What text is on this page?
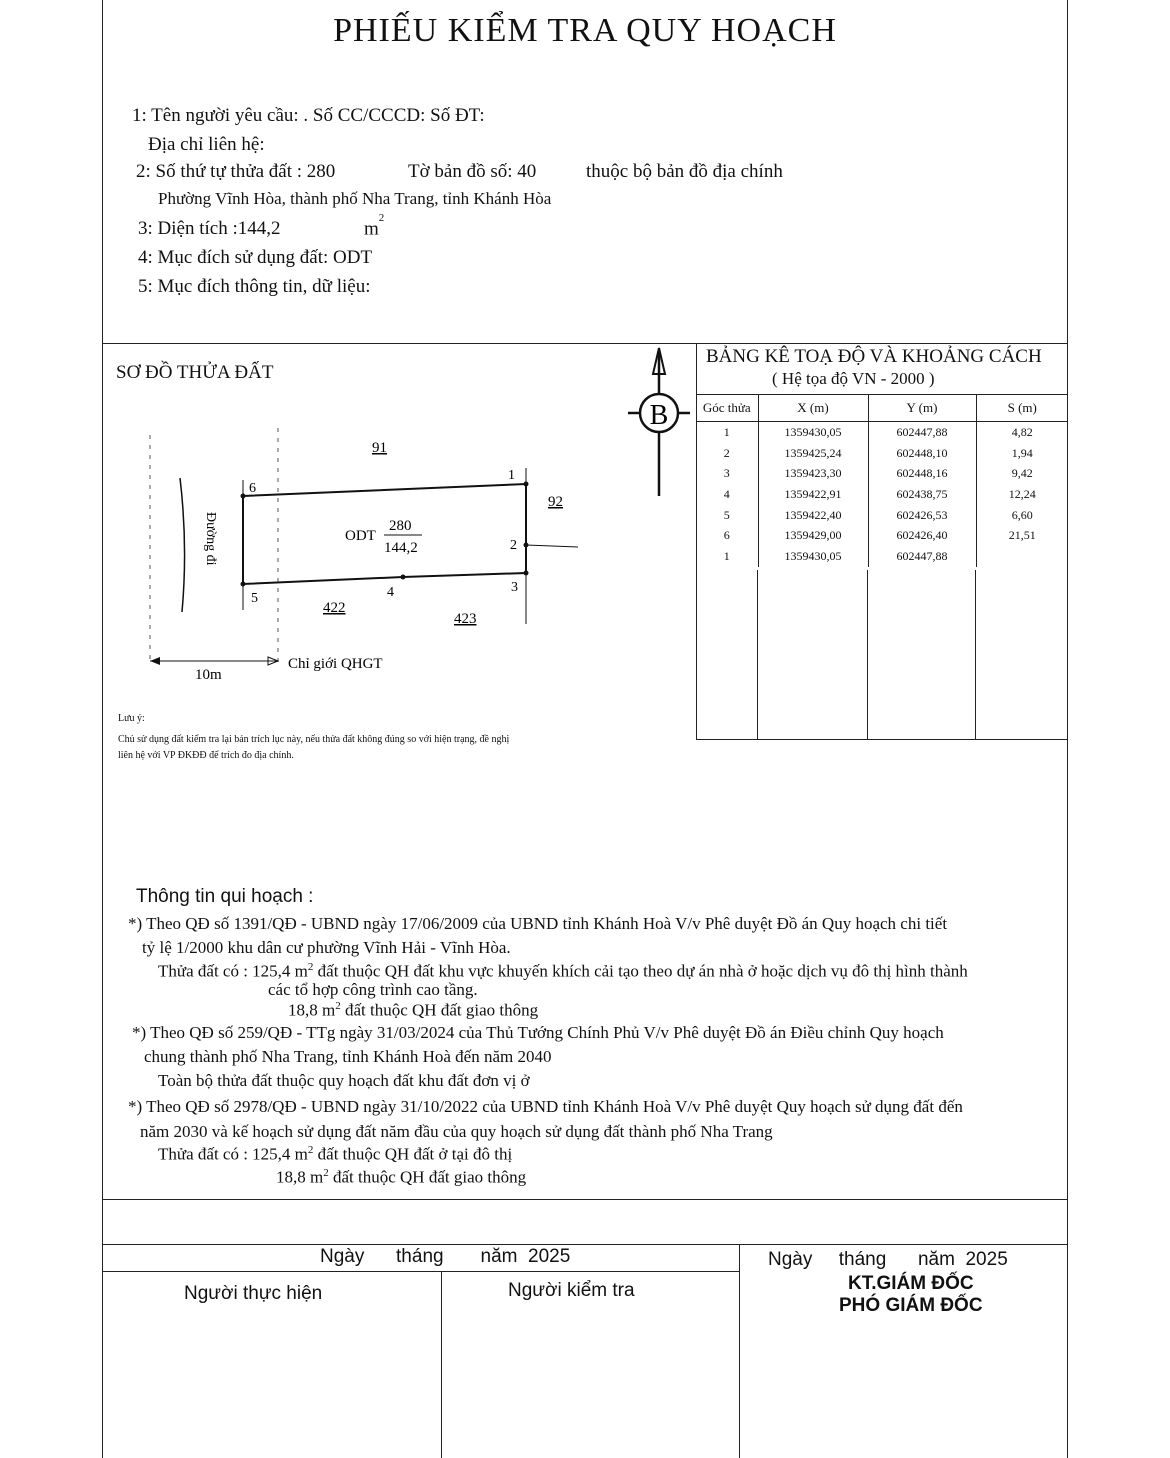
PHIẾU KIỂM TRA QUY HOẠCH
1: Tên người yêu cầu: . Số CC/CCCD: Số ĐT:
Địa chỉ liên hệ:
2: Số thứ tự thửa đất : 280	Tờ bản đồ số: 40	thuộc bộ bản đồ địa chính
Phường Vĩnh Hòa, thành phố Nha Trang, tỉnh Khánh Hòa
3: Diện tích :144,2	$m^2$
4: Mục đích sử dụng đất: ODT
5: Mục đích thông tin, dữ liệu:
SƠ ĐỒ THỬA ĐẤT
B
1
2
3
4
5
6
91
92
422
423
ODT
280
144,2
Đường đi
10m
Chỉ giới QHGT
Lưu ý:
Chủ sử dụng đất kiểm tra lại bản trích lục này, nếu thửa đất không đúng so với hiện trạng, đề nghị
liên hệ với VP ĐKĐĐ để trích đo địa chính.
BẢNG KÊ TOẠ ĐỘ VÀ KHOẢNG CÁCH
( Hệ tọa độ VN - 2000 )
Góc thửa	X (m)	Y (m)	S (m)
1	1359430,05	602447,88	4,82
2	1359425,24	602448,10	1,94
3	1359423,30	602448,16	9,42
4	1359422,91	602438,75	12,24
5	1359422,40	602426,53	6,60
6	1359429,00	602426,40	21,51
1	1359430,05	602447,88	
Thông tin qui hoạch :
*) Theo QĐ số 1391/QĐ - UBND ngày 17/06/2009 của UBND tỉnh Khánh Hoà V/v Phê duyệt Đồ án Quy hoạch chi tiết
tỷ lệ 1/2000 khu dân cư phường Vĩnh Hải - Vĩnh Hòa.
Thửa đất có : 125,4 $m^2$ đất thuộc QH đất khu vực khuyến khích cải tạo theo dự án nhà ở hoặc dịch vụ đô thị hình thành
các tổ hợp công trình cao tầng.
18,8 $m^2$ đất thuộc QH đất giao thông
*) Theo QĐ số 259/QĐ - TTg ngày 31/03/2024 của Thủ Tướng Chính Phủ V/v Phê duyệt Đồ án Điều chỉnh Quy hoạch
chung thành phố Nha Trang, tỉnh Khánh Hoà đến năm 2040
Toàn bộ thửa đất thuộc quy hoạch đất khu đất đơn vị ở
*) Theo QĐ số 2978/QĐ - UBND ngày 31/10/2022 của UBND tỉnh Khánh Hoà V/v Phê duyệt Quy hoạch sử dụng đất đến
năm 2030 và kế hoạch sử dụng đất năm đầu của quy hoạch sử dụng đất thành phố Nha Trang
Thửa đất có : 125,4 $m^2$ đất thuộc QH đất ở tại đô thị
18,8 $m^2$ đất thuộc QH đất giao thông
Ngày      tháng       năm  2025	Ngày     tháng      năm  2025
Người thực hiện	Người kiểm tra	KT.GIÁM ĐỐC
PHÓ GIÁM ĐỐC
